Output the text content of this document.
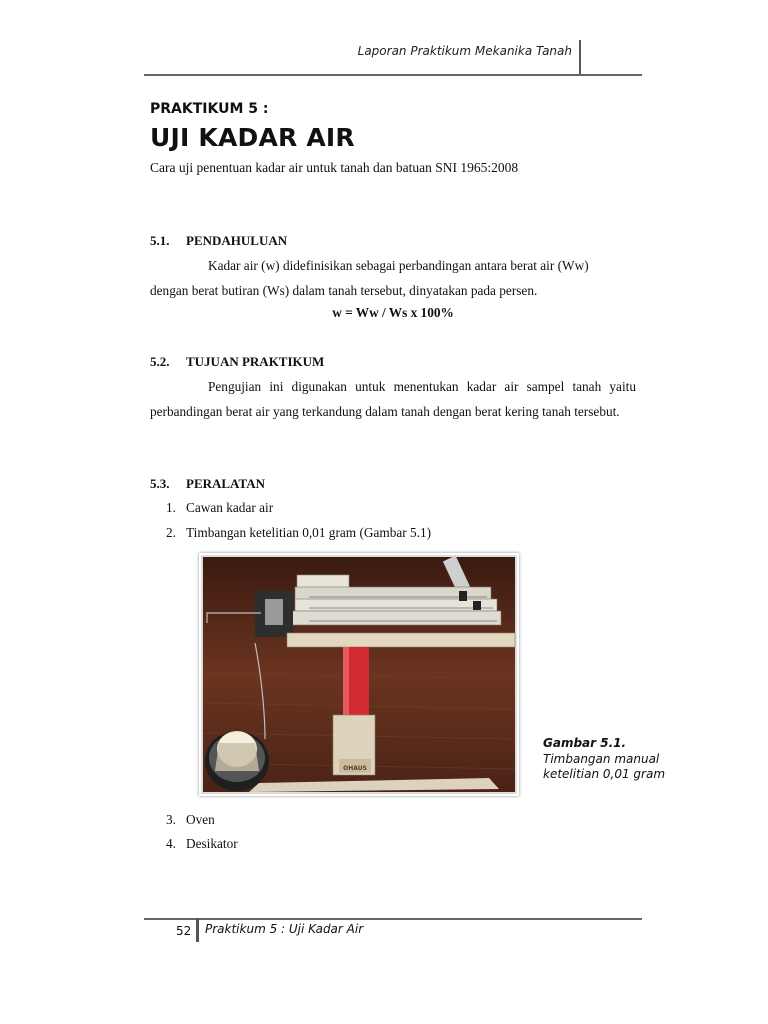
Laporan Praktikum Mekanika Tanah
PRAKTIKUM 5 :
UJI KADAR AIR
Cara uji penentuan kadar air untuk tanah dan batuan SNI 1965:2008
5.1. PENDAHULUAN
Kadar air (w) didefinisikan sebagai perbandingan antara berat air (Ww)
dengan berat butiran (Ws) dalam tanah tersebut, dinyatakan pada persen.
w = Ww / Ws x 100%
5.2. TUJUAN PRAKTIKUM
Pengujian ini digunakan untuk menentukan kadar air sampel tanah yaitu perbandingan berat air yang terkandung dalam tanah dengan berat kering tanah tersebut.
5.3. PERALATAN
1. Cawan kadar air
2. Timbangan ketelitian 0,01 gram (Gambar 5.1)
OHAUS
Gambar 5.1.
Timbangan manual ketelitian 0,01 gram
3. Oven
4. Desikator
52 Praktikum 5 : Uji Kadar Air
